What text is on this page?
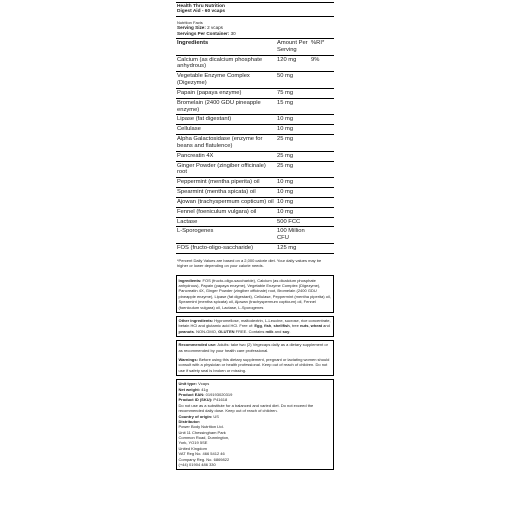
Health Thru Nutrition
Digest Aid - 60 vcaps
Nutrition Facts
Serving Size: 2 vcaps
Servings Per Container: 30
Ingredients	Amount Per Serving	%RI*
Calcium (as dicalcium phosphate anhydrous)	120 mg	9%
Vegetable Enzyme Complex (Digezyme)	50 mg	
Papain (papaya enzyme)	75 mg	
Bromelain (2400 GDU pineapple enzyme)	15 mg	
Lipase (fat digestant)	10 mg	
Cellulase	10 mg	
Alpha Galactosidase (enzyme for beans and flatulence)	25 mg	
Pancreatin 4X	25 mg	
Ginger Powder (zingiber officinale) root	25 mg	
Peppermint (mentha piperita) oil	10 mg	
Spearmint (mentha spicata) oil	10 mg	
Ajowan (trachyspermum copticum) oil	10 mg	
Fennel (foeniculum vulgara) oil	10 mg	
Lactase	500 FCC	
L-Sporogenes	100 Million CFU	
FOS (fructo-oligo-saccharide)	125 mg	
*Percent Daily Values are based on a 2,000 calorie diet. Your daily values may be higher or lower depending on your calorie needs.
Ingredients: FOS (fructo-oligo-saccharide), Calcium (as dicalcium phosphate anhydrous), Papain (papaya enzyme), Vegetable Enzyme Complex (Digezyme), Pancreatin 4X, Ginger Powder (zingiber officinale) root, Bromelain (2400 GDU pineapple enzyme), Lipase (fat digestant), Cellulase, Peppermint (mentha piperita) oil, Spearmint (mentha spicata) oil, Ajowan (trachyspermum copticum) oil, Fennel (foeniculum vulgara) oil, Lactase, L-Sporogenes
Other ingredients: Hypromellose, maltodextrin, L-Leucine, sucrose, rice concentrate, betain HCl and glutamic acid HCl. Free of: Egg, fish, shellfish, tree nuts, wheat and peanuts. NON-GMO, GLUTEN FREE. Contains milk and soy.

Recommended use: Adults: take two (2) Vegecaps daily as a dietary supplement or as recommended by your health care professional.

Warnings: Before using this dietary supplement, pregnant or lactating women should consult with a physician or health professional. Keep out of reach of children. Do not use if safety seal is broken or missing.

Unit type: Vcaps
Net weight: 41g
Product EAN: 019193020319
Product ID (SKU): P41618
Do not use as a substitute for a balanced and varied diet. Do not exceed the recommended daily dose. Keep out of reach of children.
Country of origin: US
Distributor:
Power Body Nutrition Ltd.
Unit 11 Chessingham Park
Common Road, Dunnington,
York, YO19 5SE
United Kingdom
VAT Reg No. 466 5412 46
Company Reg. No. 6869822
(+44) 01904 486 330
